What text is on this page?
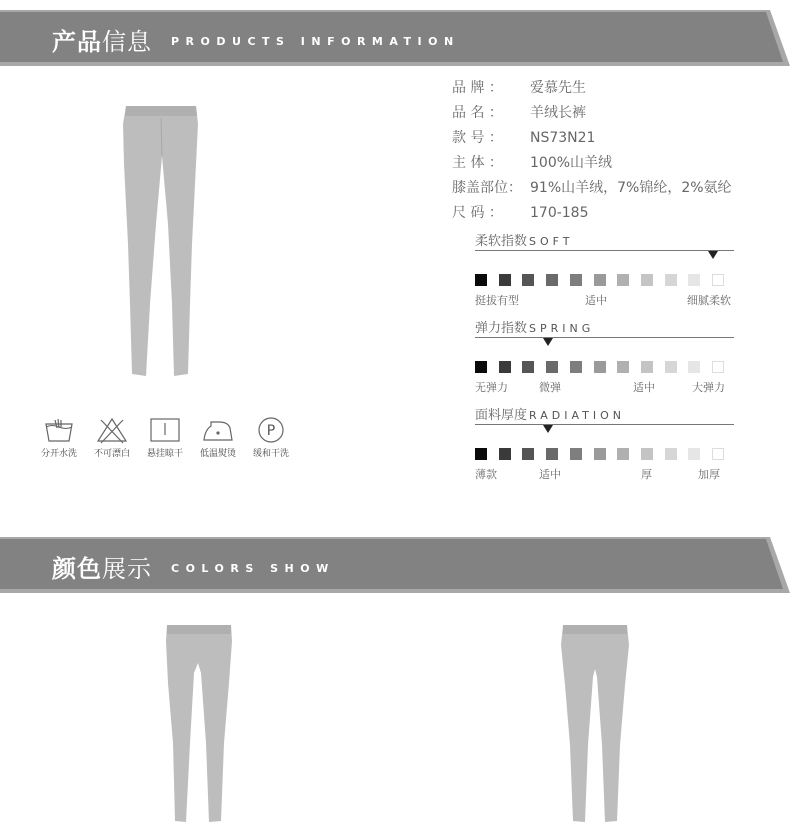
产品信息 PRODUCTS INFORMATION
分开水洗	不可漂白	悬挂晾干	低温熨烫
P
缓和干洗
品 牌 ： 爱慕先生
品 名 ： 羊绒长裤
款 号 ： NS73N21
主 体 ： 100%山羊绒
膝盖部位： 91%山羊绒，7%锦纶，2%氨纶
尺 码 ： 170-185
柔软指数 SOFT
挺拔有型	适中	细腻柔软
弹力指数 SPRING
无弹力	微弹	适中	大弹力
面料厚度 RADIATION
薄款	适中	厚	加厚
颜色展示 COLORS SHOW
